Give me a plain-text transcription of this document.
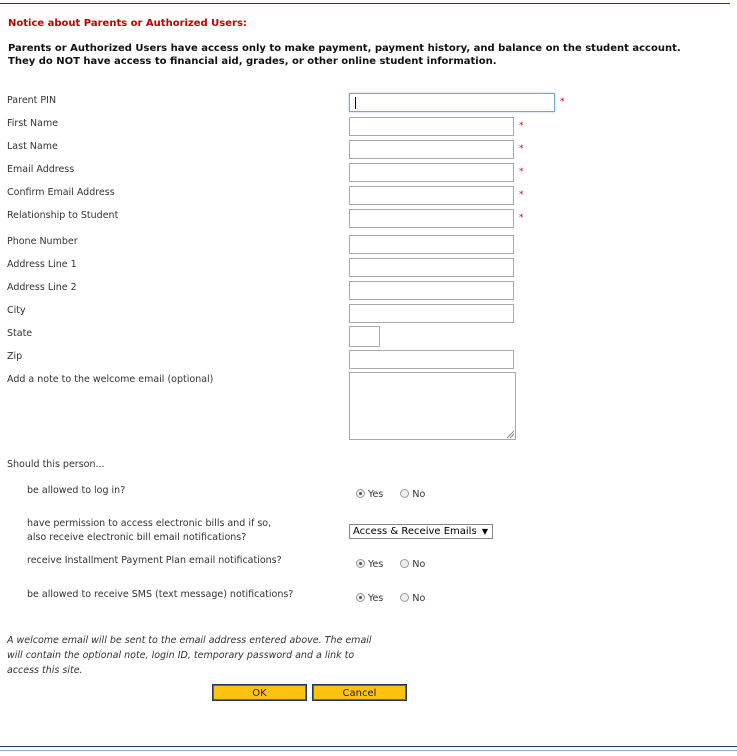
Notice about Parents or Authorized Users:
Parents or Authorized Users have access only to make payment, payment history, and balance on the student account.
They do NOT have access to financial aid, grades, or other online student information.
Parent PIN	*
First Name	*
Last Name	*
Email Address	*
Confirm Email Address	*
Relationship to Student	*
Phone Number
Address Line 1
Address Line 2
City
State
Zip
Add a note to the welcome email (optional)
Should this person...
be allowed to log in?	Yes	No
have permission to access electronic bills and if so,
also receive electronic bill email notifications?
Access & Receive Emails ▼
receive Installment Payment Plan email notifications?	Yes	No
be allowed to receive SMS (text message) notifications?	Yes	No
A welcome email will be sent to the email address entered above. The email
will contain the optional note, login ID, temporary password and a link to
access this site.
OK	Cancel
